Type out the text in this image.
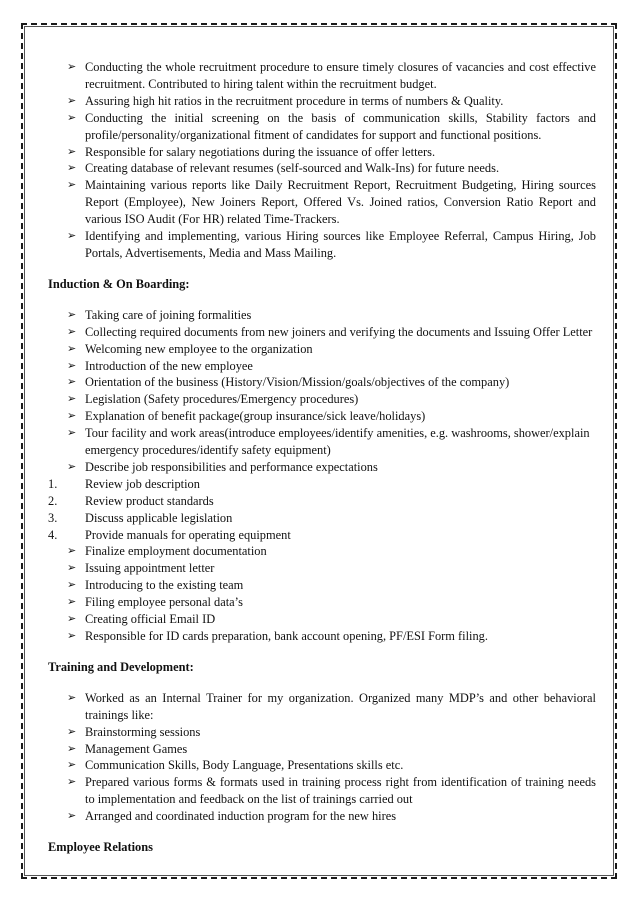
➢ Conducting the whole recruitment procedure to ensure timely closures of vacancies and cost effective recruitment. Contributed to hiring talent within the recruitment budget.
➢ Assuring high hit ratios in the recruitment procedure in terms of numbers & Quality.
➢ Conducting the initial screening on the basis of communication skills, Stability factors and profile/personality/organizational fitment of candidates for support and functional positions.
➢ Responsible for salary negotiations during the issuance of offer letters.
➢ Creating database of relevant resumes (self-sourced and Walk-Ins) for future needs.
➢ Maintaining various reports like Daily Recruitment Report, Recruitment Budgeting, Hiring sources Report (Employee), New Joiners Report, Offered Vs. Joined ratios, Conversion Ratio Report and various ISO Audit (For HR) related Time-Trackers.
➢ Identifying and implementing, various Hiring sources like Employee Referral, Campus Hiring, Job Portals, Advertisements, Media and Mass Mailing.
Induction & On Boarding:
➢ Taking care of joining formalities
➢ Collecting required documents from new joiners and verifying the documents and Issuing Offer Letter
➢ Welcoming new employee to the organization
➢ Introduction of the new employee
➢ Orientation of the business (History/Vision/Mission/goals/objectives of the company)
➢ Legislation (Safety procedures/Emergency procedures)
➢ Explanation of benefit package(group insurance/sick leave/holidays)
➢ Tour facility and work areas(introduce employees/identify amenities, e.g. washrooms, shower/explain emergency procedures/identify safety equipment)
➢ Describe job responsibilities and performance expectations
1. Review job description
2. Review product standards
3. Discuss applicable legislation
4. Provide manuals for operating equipment
➢ Finalize employment documentation
➢ Issuing appointment letter
➢ Introducing to the existing team
➢ Filing employee personal data’s
➢ Creating official Email ID
➢ Responsible for ID cards preparation, bank account opening, PF/ESI Form filing.
Training and Development:
➢ Worked as an Internal Trainer for my organization. Organized many MDP’s and other behavioral trainings like:
➢ Brainstorming sessions
➢ Management Games
➢ Communication Skills, Body Language, Presentations skills etc.
➢ Prepared various forms & formats used in training process right from identification of training needs to implementation and feedback on the list of trainings carried out
➢ Arranged and coordinated induction program for the new hires
Employee Relations
